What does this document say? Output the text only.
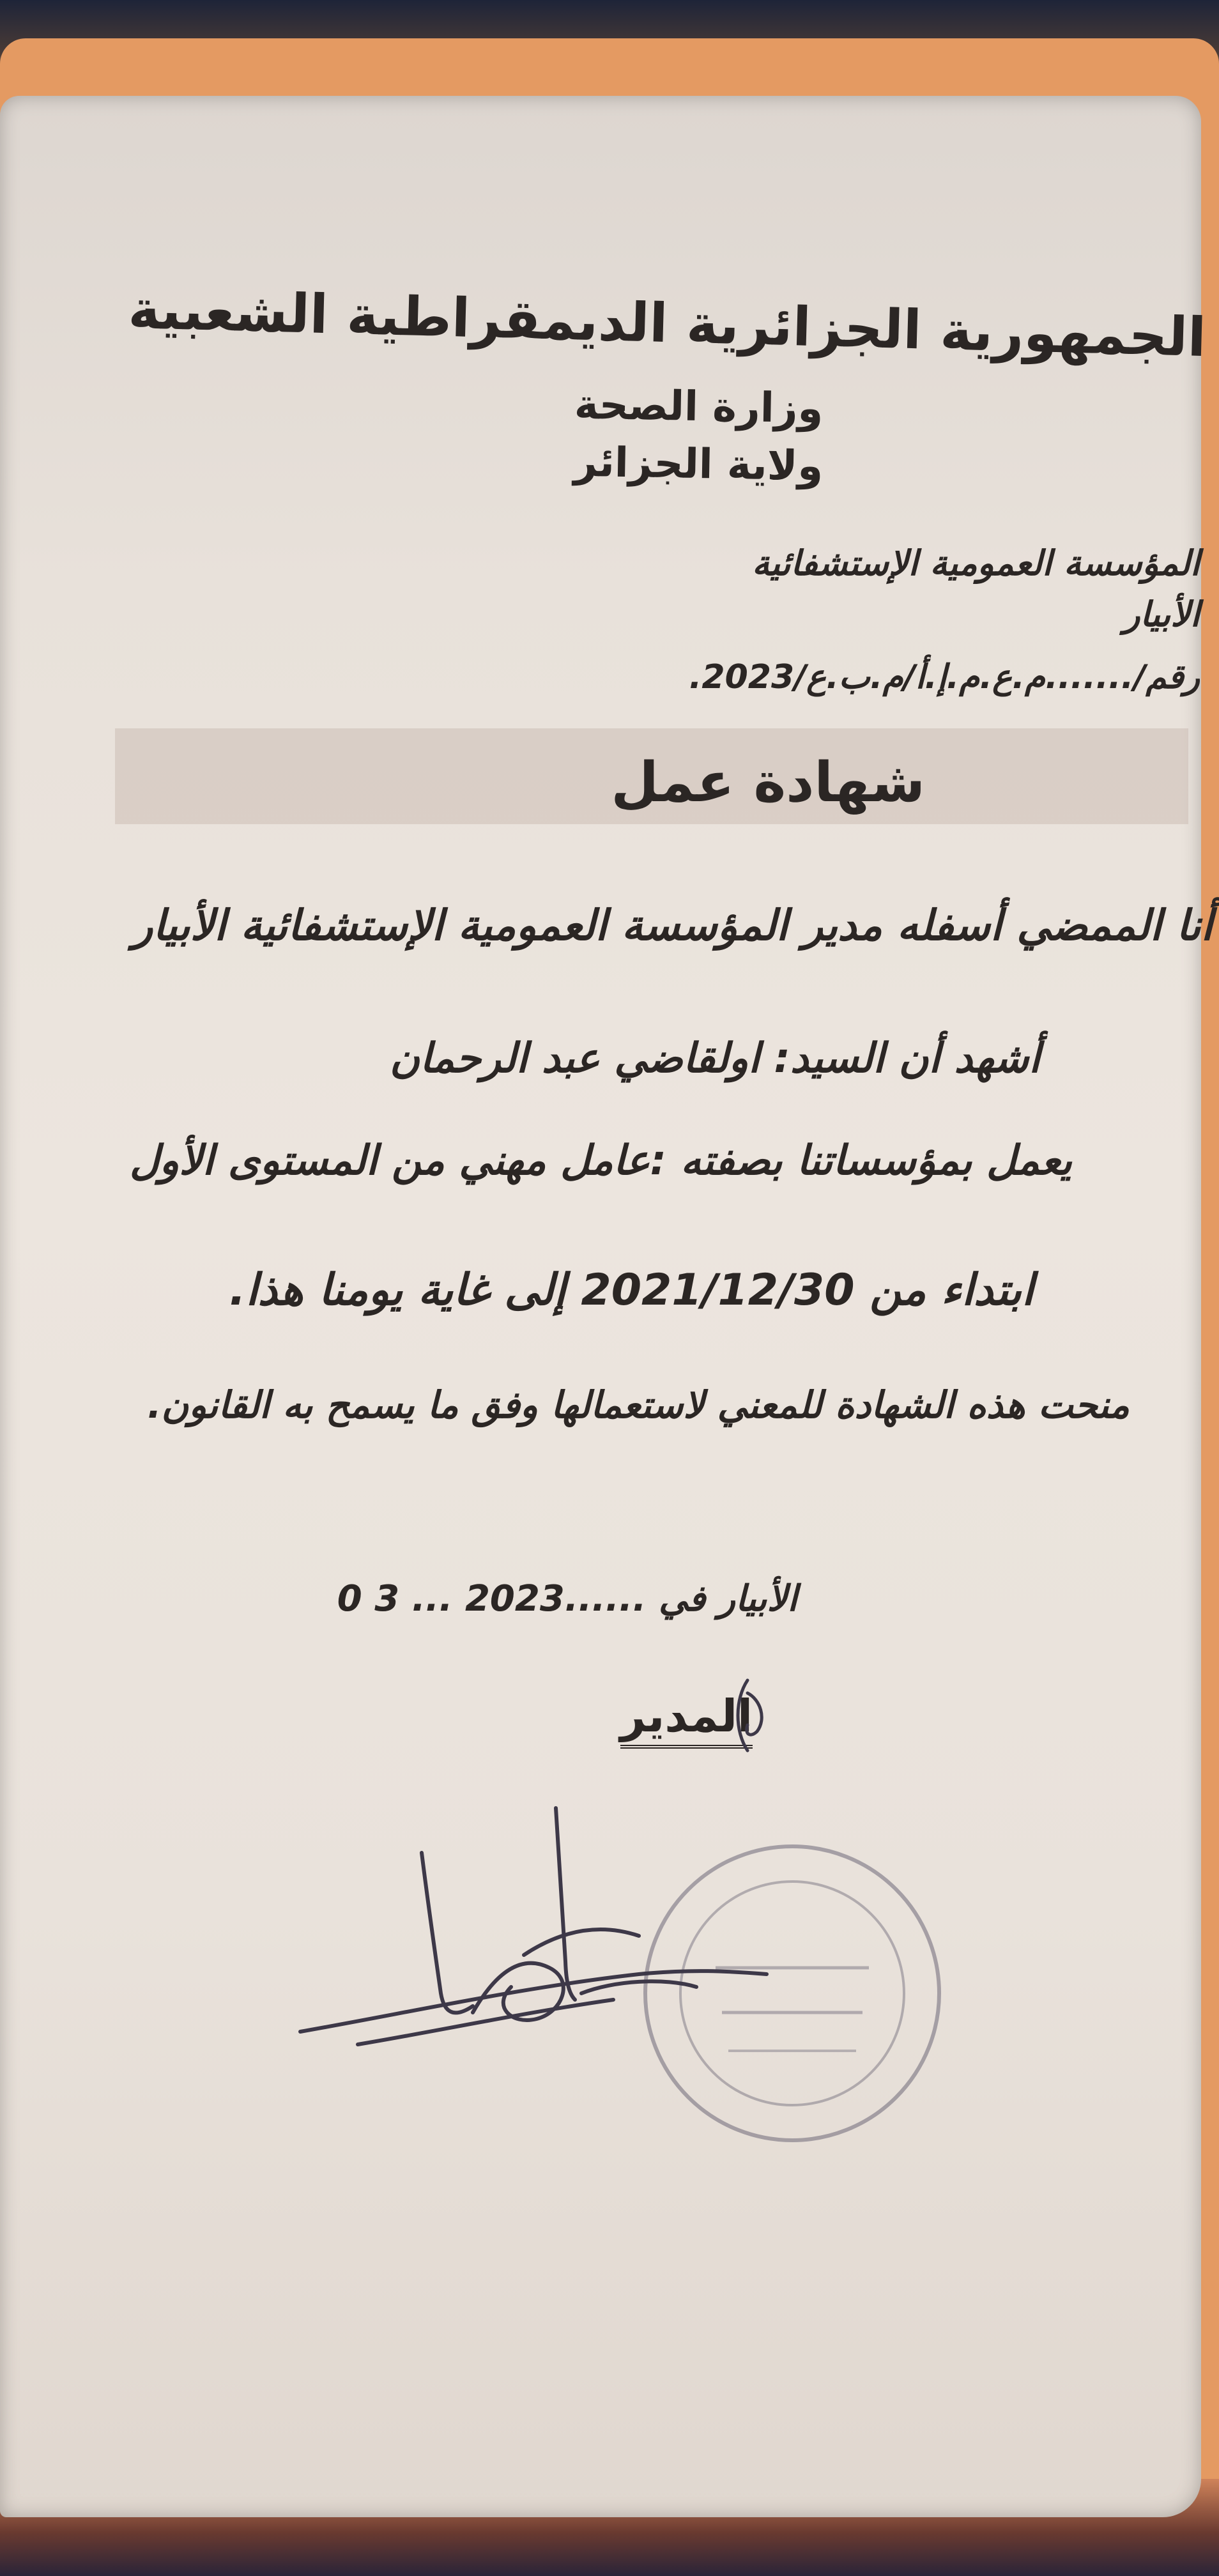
الجمهورية الجزائرية الديمقراطية الشعبية
وزارة الصحة
ولاية الجزائر
المؤسسة العمومية الإستشفائية
الأبيار
رقم/.......م.ع.م.إ.أ/م.ب.ع/2023.
شهادة عمل
أنا الممضي أسفله مدير المؤسسة العمومية الإستشفائية الأبيار
أشهد أن السيد: اولقاضي عبد الرحمان
يعمل بمؤسساتنا بصفته :عامل مهني من المستوى الأول
ابتداء من 2021/12/30 إلى غاية يومنا هذا.
منحت هذه الشهادة للمعني لاستعمالها وفق ما يسمح به القانون.
الأبيار في ......2023 ... 3 0
المدير
